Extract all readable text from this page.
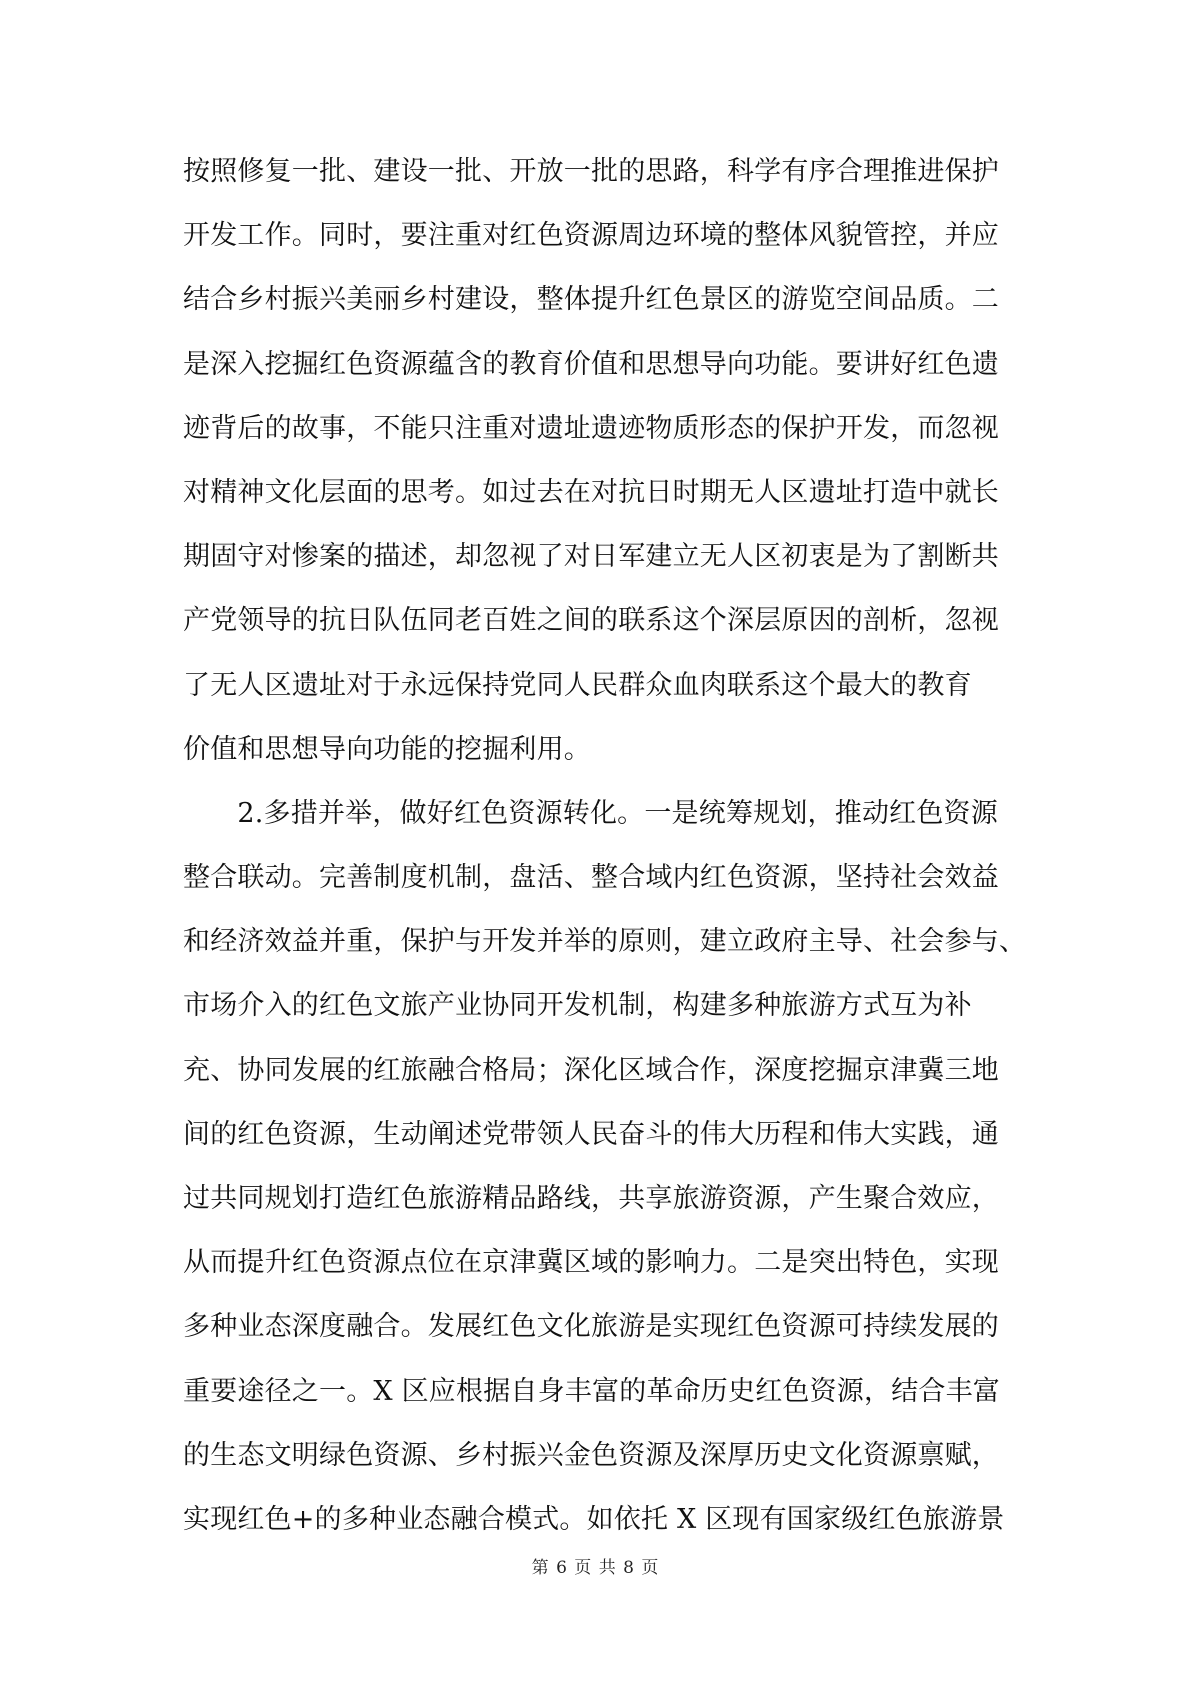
按照修复一批、建设一批、开放一批的思路，科学有序合理推进保护
开发工作。同时，要注重对红色资源周边环境的整体风貌管控，并应
结合乡村振兴美丽乡村建设，整体提升红色景区的游览空间品质。二
是深入挖掘红色资源蕴含的教育价值和思想导向功能。要讲好红色遗
迹背后的故事，不能只注重对遗址遗迹物质形态的保护开发，而忽视
对精神文化层面的思考。如过去在对抗日时期无人区遗址打造中就长
期固守对惨案的描述，却忽视了对日军建立无人区初衷是为了割断共
产党领导的抗日队伍同老百姓之间的联系这个深层原因的剖析，忽视
了无人区遗址对于永远保持党同人民群众血肉联系这个最大的教育
价值和思想导向功能的挖掘利用。
　　2.多措并举，做好红色资源转化。一是统筹规划，推动红色资源
整合联动。完善制度机制，盘活、整合域内红色资源，坚持社会效益
和经济效益并重，保护与开发并举的原则，建立政府主导、社会参与、
市场介入的红色文旅产业协同开发机制，构建多种旅游方式互为补
充、协同发展的红旅融合格局；深化区域合作，深度挖掘京津冀三地
间的红色资源，生动阐述党带领人民奋斗的伟大历程和伟大实践，通
过共同规划打造红色旅游精品路线，共享旅游资源，产生聚合效应，
从而提升红色资源点位在京津冀区域的影响力。二是突出特色，实现
多种业态深度融合。发展红色文化旅游是实现红色资源可持续发展的
重要途径之一。X 区应根据自身丰富的革命历史红色资源，结合丰富
的生态文明绿色资源、乡村振兴金色资源及深厚历史文化资源禀赋，
实现红色+的多种业态融合模式。如依托 X 区现有国家级红色旅游景
第 6 页 共 8 页
